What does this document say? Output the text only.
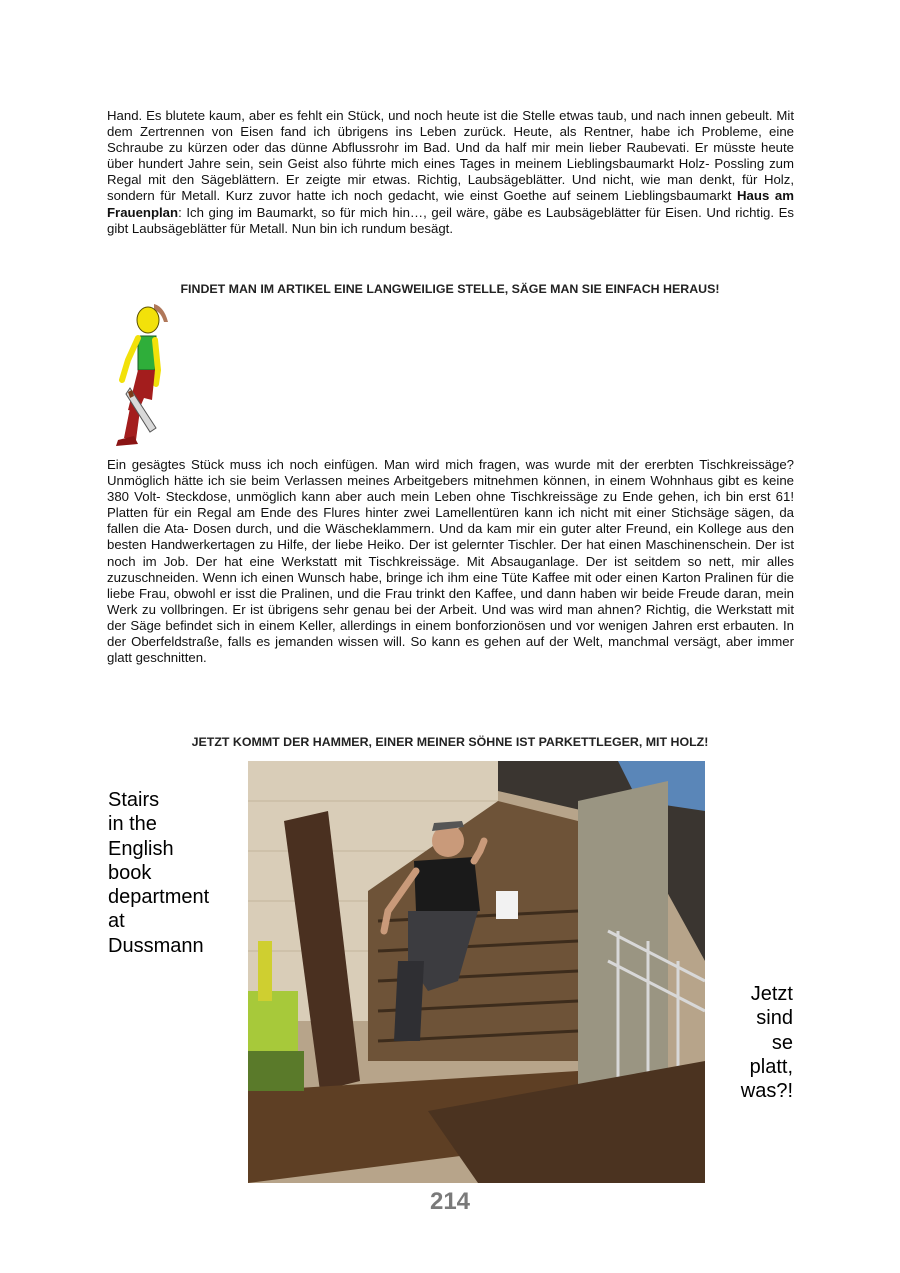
Hand. Es blutete kaum, aber es fehlt ein Stück, und noch heute ist die Stelle etwas taub, und nach innen gebeult. Mit dem Zertrennen von Eisen fand ich übrigens ins Leben zurück. Heute, als Rentner, habe ich Probleme, eine Schraube zu kürzen oder das dünne Abflussrohr im Bad. Und da half mir mein lieber Raubevati. Er müsste heute über hundert Jahre sein, sein Geist also führte mich eines Tages in meinem Lieblingsbaumarkt Holz- Possling zum Regal mit den Sägeblättern. Er zeigte mir etwas. Richtig, Laubsägeblätter. Und nicht, wie man denkt, für Holz, sondern für Metall. Kurz zuvor hatte ich noch gedacht, wie einst Goethe auf seinem Lieblingsbaumarkt Haus am Frauenplan: Ich ging im Baumarkt, so für mich hin…, geil wäre, gäbe es Laubsägeblätter für Eisen. Und richtig. Es gibt Laubsägeblätter für Metall. Nun bin ich rundum besägt.

FINDET MAN IM ARTIKEL EINE LANGWEILIGE STELLE, SÄGE MAN SIE EINFACH HERAUS!

Ein gesägtes Stück muss ich noch einfügen. Man wird mich fragen, was wurde mit der ererbten Tischkreissäge? Unmöglich hätte ich sie beim Verlassen meines Arbeitgebers mitnehmen können, in einem Wohnhaus gibt es keine 380 Volt- Steckdose, unmöglich kann aber auch mein Leben ohne Tischkreissäge zu Ende gehen, ich bin erst 61! Platten für ein Regal am Ende des Flures hinter zwei Lamellentüren kann ich nicht mit einer Stichsäge sägen, da fallen die Ata- Dosen durch, und die Wäscheklammern. Und da kam mir ein guter alter Freund, ein Kollege aus den besten Handwerkertagen zu Hilfe, der liebe Heiko. Der ist gelernter Tischler. Der hat einen Maschinenschein. Der ist noch im Job. Der hat eine Werkstatt mit Tischkreissäge. Mit Absauganlage. Der ist seitdem so nett, mir alles zuzuschneiden. Wenn ich einen Wunsch habe, bringe ich ihm eine Tüte Kaffee mit oder einen Karton Pralinen für die liebe Frau, obwohl er isst die Pralinen, und die Frau trinkt den Kaffee, und dann haben wir beide Freude daran, mein Werk zu vollbringen. Er ist übrigens sehr genau bei der Arbeit. Und was wird man ahnen? Richtig, die Werkstatt mit der Säge befindet sich in einem Keller, allerdings in einem bonforzionösen und vor wenigen Jahren erst erbauten. In der Oberfeldstraße, falls es jemanden wissen will. So kann es gehen auf der Welt, manchmal versägt, aber immer glatt geschnitten.

JETZT KOMMT DER HAMMER, EINER MEINER SÖHNE IST PARKETTLEGER, MIT HOLZ!

Stairs
in the
English
book
department
at
Dussmann
Jetzt
sind
se
platt,
was?!
214
